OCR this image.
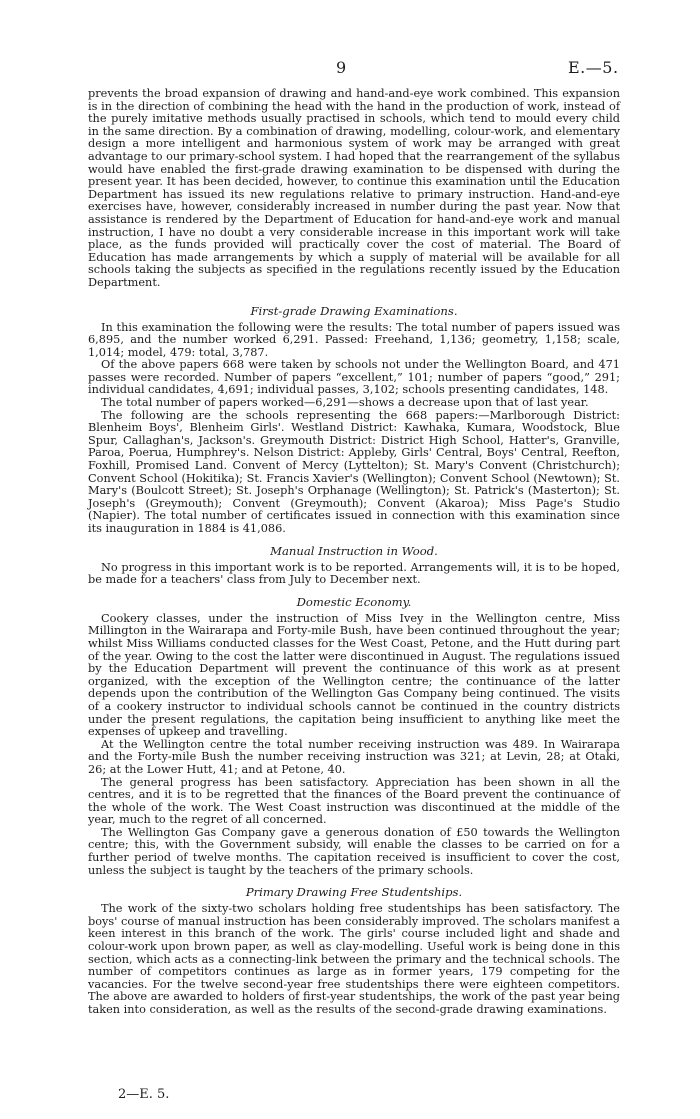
9	E.—5.

prevents the broad expansion of drawing and hand-and-eye work combined. This expansion is in the direction of combining the head with the hand in the production of work, instead of the purely imitative methods usually practised in schools, which tend to mould every child in the same direction. By a combination of drawing, modelling, colour-work, and elementary design a more intelligent and harmonious system of work may be arranged with great advantage to our primary-school system. I had hoped that the rearrangement of the syllabus would have enabled the first-grade drawing examination to be dispensed with during the present year. It has been decided, however, to continue this examination until the Education Department has issued its new regulations relative to primary instruction. Hand-and-eye exercises have, however, considerably increased in number during the past year. Now that assistance is rendered by the Department of Education for hand-and-eye work and manual instruction, I have no doubt a very considerable increase in this important work will take place, as the funds provided will practically cover the cost of material. The Board of Education has made arrangements by which a supply of material will be available for all schools taking the subjects as specified in the regulations recently issued by the Education Department.

First-grade Drawing Examinations.

In this examination the following were the results: The total number of papers issued was 6,895, and the number worked 6,291. Passed: Freehand, 1,136; geometry, 1,158; scale, 1,014; model, 479: total, 3,787.

Of the above papers 668 were taken by schools not under the Wellington Board, and 471 passes were recorded. Number of papers “excellent,” 101; number of papers “good,” 291; individual candidates, 4,691; individual passes, 3,102; schools presenting candidates, 148.

The total number of papers worked—6,291—shows a decrease upon that of last year.

The following are the schools representing the 668 papers:—Marlborough District: Blenheim Boys', Blenheim Girls'. Westland District: Kawhaka, Kumara, Woodstock, Blue Spur, Callaghan's, Jackson's. Greymouth District: District High School, Hatter's, Granville, Paroa, Poerua, Humphrey's. Nelson District: Appleby, Girls' Central, Boys' Central, Reefton, Foxhill, Promised Land. Convent of Mercy (Lyttelton); St. Mary's Convent (Christchurch); Convent School (Hokitika); St. Francis Xavier's (Wellington); Convent School (Newtown); St. Mary's (Boulcott Street); St. Joseph's Orphanage (Wellington); St. Patrick's (Masterton); St. Joseph's (Greymouth); Convent (Greymouth); Convent (Akaroa); Miss Page's Studio (Napier). The total number of certificates issued in connection with this examination since its inauguration in 1884 is 41,086.

Manual Instruction in Wood.

No progress in this important work is to be reported. Arrangements will, it is to be hoped, be made for a teachers' class from July to December next.

Domestic Economy.

Cookery classes, under the instruction of Miss Ivey in the Wellington centre, Miss Millington in the Wairarapa and Forty-mile Bush, have been continued throughout the year; whilst Miss Williams conducted classes for the West Coast, Petone, and the Hutt during part of the year. Owing to the cost the latter were discontinued in August. The regulations issued by the Education Department will prevent the continuance of this work as at present organized, with the exception of the Wellington centre; the continuance of the latter depends upon the contribution of the Wellington Gas Company being continued. The visits of a cookery instructor to individual schools cannot be continued in the country districts under the present regulations, the capitation being insufficient to anything like meet the expenses of upkeep and travelling.

At the Wellington centre the total number receiving instruction was 489. In Wairarapa and the Forty-mile Bush the number receiving instruction was 321; at Levin, 28; at Otaki, 26; at the Lower Hutt, 41; and at Petone, 40.

The general progress has been satisfactory. Appreciation has been shown in all the centres, and it is to be regretted that the finances of the Board prevent the continuance of the whole of the work. The West Coast instruction was discontinued at the middle of the year, much to the regret of all concerned.

The Wellington Gas Company gave a generous donation of £50 towards the Wellington centre; this, with the Government subsidy, will enable the classes to be carried on for a further period of twelve months. The capitation received is insufficient to cover the cost, unless the subject is taught by the teachers of the primary schools.

Primary Drawing Free Studentships.

The work of the sixty-two scholars holding free studentships has been satisfactory. The boys' course of manual instruction has been considerably improved. The scholars manifest a keen interest in this branch of the work. The girls' course included light and shade and colour-work upon brown paper, as well as clay-modelling. Useful work is being done in this section, which acts as a connecting-link between the primary and the technical schools. The number of competitors continues as large as in former years, 179 competing for the vacancies. For the twelve second-year free studentships there were eighteen competitors. The above are awarded to holders of first-year studentships, the work of the past year being taken into consideration, as well as the results of the second-grade drawing examinations.

2—E. 5.
